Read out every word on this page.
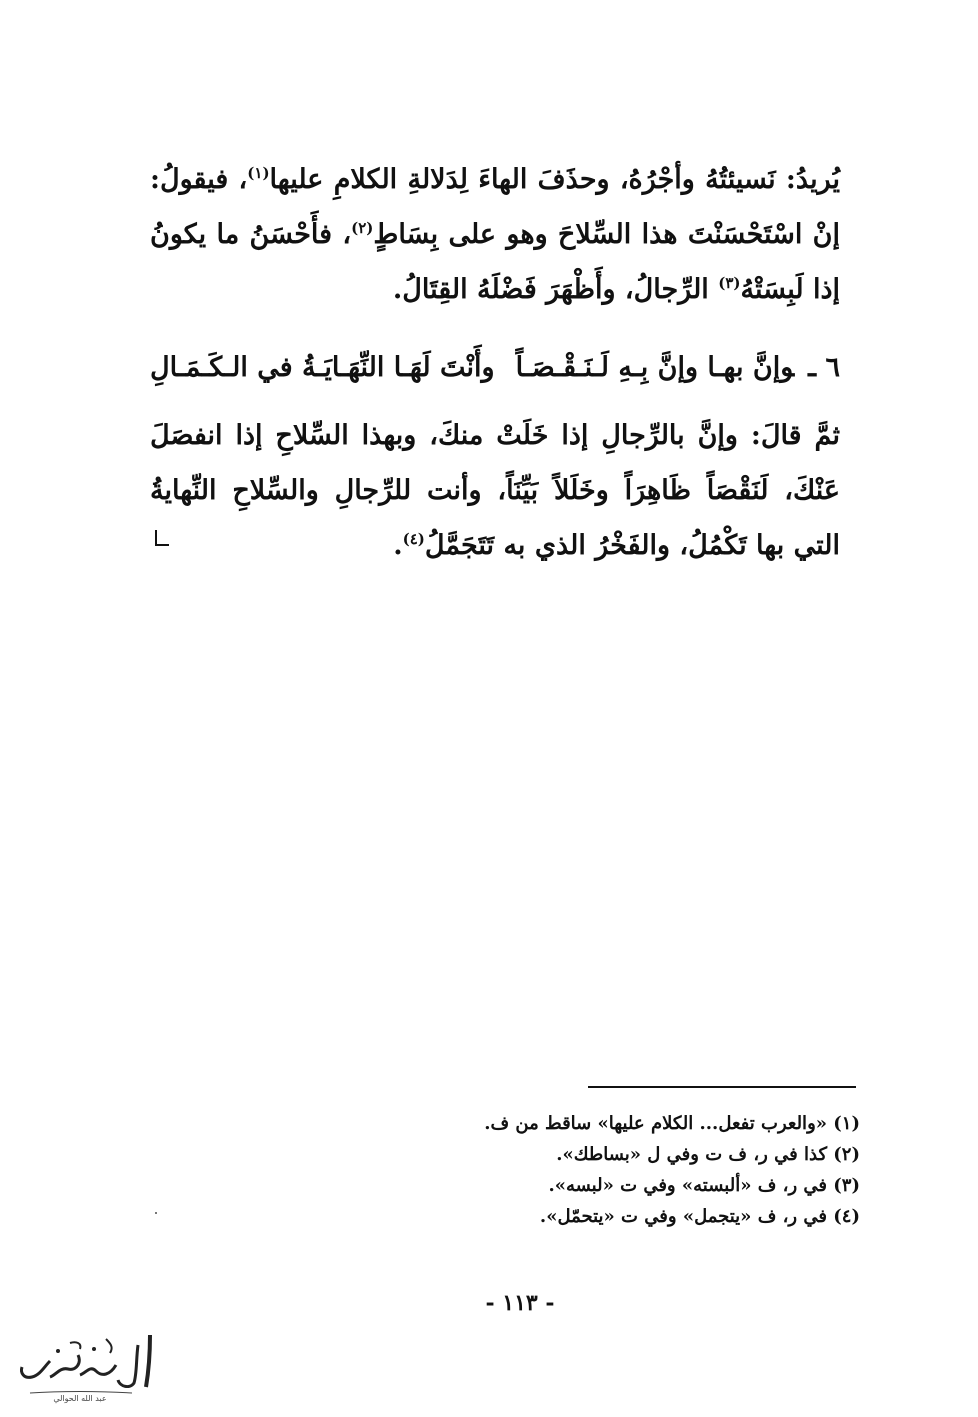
يُريدُ: نَسيئتُهُ وأجْرُهُ، وحذَفَ الهاءَ لِدَلالةِ الكلامِ عليها$^{(١)}$، فيقولُ: إنْ اسْتَحْسَنْتَ هذا السِّلاحَ وهو على بِسَاطٍ$^{(٢)}$، فأَحْسَنُ ما يكونُ إذا لَبِسَتْهُ$^{(٣)}$ الرِّجالُ، وأَظْهَرَ فَضْلَهُ القِتَالُ.
٦ ـوإنَّ بهـا وإنَّ بِـهِ لَـنَـقْـصَـاً
وأَنْتَ لَهَـا النِّهَـايَـةُ في الـكَـمَـالِ
ثمَّ قالَ: وإنَّ بالرِّجالِ إذا خَلَتْ منكَ، وبهذا السِّلاحِ إذا انفصَلَ عَنْكَ، لَنَقْصَاً ظَاهِرَاً وخَلَلاً بَيِّنَاً، وأنت للرِّجالِ والسِّلاحِ النِّهايةُ التي بها تَكْمُلُ، والفَخْرُ الذي به تَتَجَمَّلُ$^{(٤)}$.
(١) «والعرب تفعل... الكلام عليها» ساقط من ف.
(٢) كذا في ر، ف ت وفي ل «بساطك».
(٣) في ر، ف «ألبسته» وفي ت «لبسه».
(٤) في ر، ف «يتجمل» وفي ت «يتحمّل».
- ١١٣ -
عبد الله الحوالي
